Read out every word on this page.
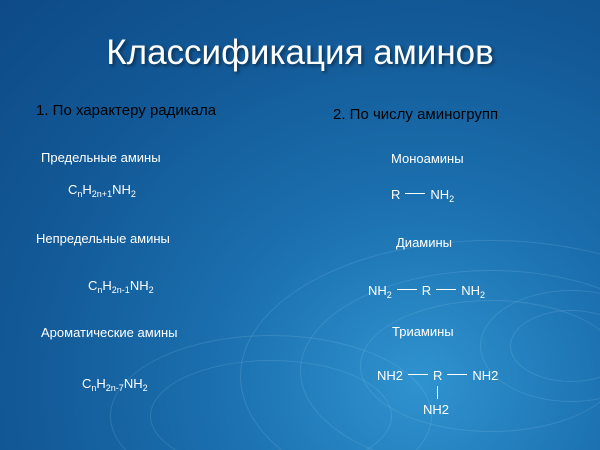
Классификация аминов
1. По характеру радикала	2. По числу аминогрупп
Предельные амины
$C_nH_{2n+1}NH_2$
Непредельные амины
$C_nH_{2n-1}NH_2$
Ароматические амины
$C_nH_{2n-7}NH_2$
Моноамины
R $NH_2$
Диамины
$NH_2$ R $NH_2$
Триамины
NH2 R NH2
NH2
